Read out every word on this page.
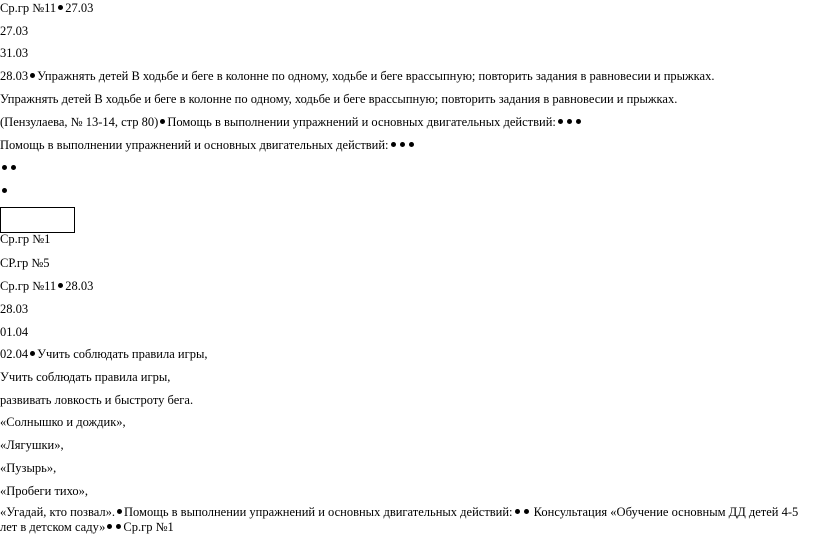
Ср.гр №11 27.03
27.03
31.03
28.03 Упражнять детей В ходьбе и беге в колонне по одному, ходьбе и беге врассыпную; повторить задания в равновесии и прыжках.
Упражнять детей В ходьбе и беге в колонне по одному, ходьбе и беге врассыпную; повторить задания в равновесии и прыжках.
(Пензулаева, № 13-14, стр 80) Помощь в выполнении упражнений и основных двигательных действий:
Помощь в выполнении упражнений и основных двигательных действий:
Ср.гр №1
СР.гр №5
Ср.гр №11 28.03
28.03
01.04
02.04 Учить соблюдать правила игры,
Учить соблюдать правила игры,
развивать ловкость и быстроту бега.
«Солнышко и дождик»,
«Лягушки»,
«Пузырь»,
«Пробеги тихо»,
«Угадай, кто позвал». Помощь в выполнении упражнений и основных двигательных действий: Консультация «Обучение основным ДД детей 4-5 лет в детском саду» Ср.гр №1
